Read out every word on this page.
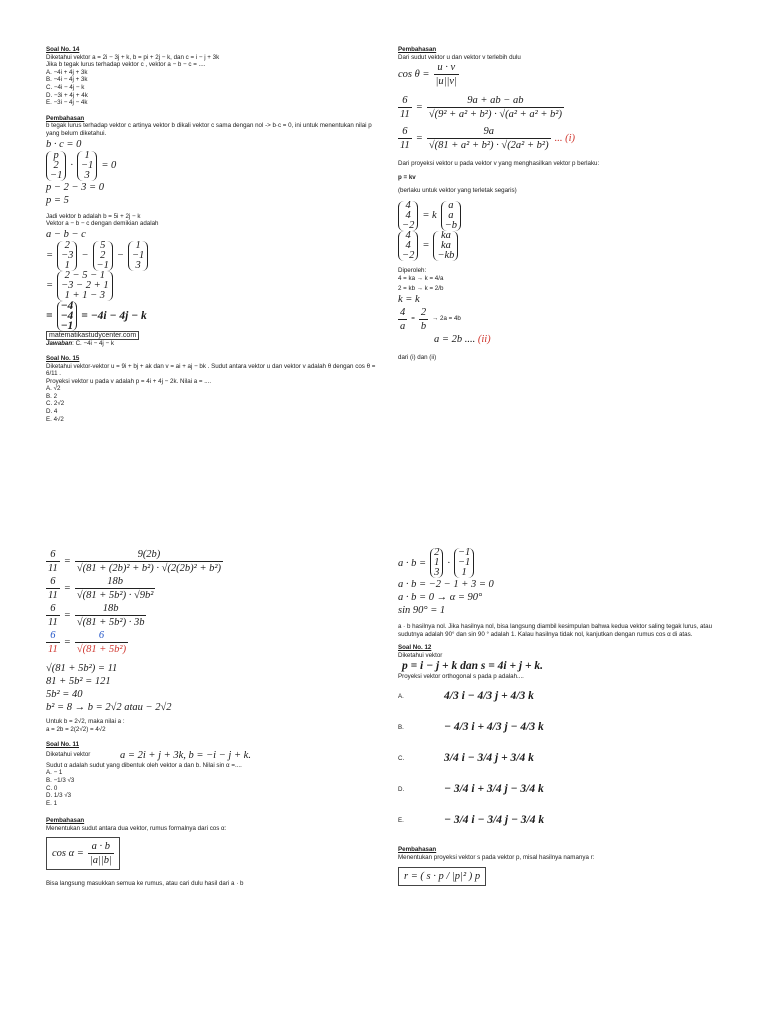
Soal No. 14

Diketahui vektor a = 2i − 3j + k, b = pi + 2j − k, dan c = i − j + 3k

Jika b tegak lurus terhadap vektor c , vektor a − b − c = ....

A. −4i + 4j + 3k

B. −4i − 4j + 3k

C. −4i − 4j − k

D. −3i + 4j + 4k

E. −3i − 4j − 4k

Pembahasan

b tegak lurus terhadap vektor c artinya vektor b dikali vektor c sama dengan nol -> b·c = 0, ini untuk menentukan nilai p

yang belum diketahui.

b · c = 0

p
2
−1
·
1
−1
3
= 0

p − 2 − 3 = 0

p = 5

Jadi vektor b adalah b = 5i + 2j − k

Vektor a − b − c dengan demikian adalah

a − b − c

=
2
−3
1
−
5
2
−1
−
1
−1
3
=
2 − 5 − 1
−3 − 2 + 1
1 + 1 − 3
=
−4
−4
−1
= −4i − 4j − k

matematikastudycenter.com

Jawaban: C. −4i − 4j − k

Soal No. 15

Diketahui vektor-vektor u = 9i + bj + ak dan v = ai + aj − bk . Sudut antara vektor u dan vektor v adalah θ dengan cos θ = 6/11 .

Proyeksi vektor u pada v adalah p = 4i + 4j − 2k. Nilai a = ....

A. √2

B. 2

C. 2√2

D. 4

E. 4√2

Pembahasan

Dari sudut vektor u dan vektor v terlebih dulu

$\cos \theta = \frac{u \cdot v}{|u||v|}$
$\frac{6}{11} = \frac{9a + ab - ab}{\text{√(9² + a² + b²) · √(a² + a² + b²)}}$
$\frac{6}{11} = \frac{9a}{\text{√(81 + a² + b²) · √(2a² + b²)}}$ ... (i)

Dari proyeksi vektor u pada vektor v yang menghasilkan vektor p berlaku:

p = kv

(berlaku untuk vektor yang terletak segaris)

4
4
−2
= k
a
a
−b
4
4
−2
=
ka
ka
−kb

Diperoleh:

4 = ka → k = 4/a

2 = kb → k = 2/b

k = k

$\frac{4}{a} = \frac{2}{b} \to 2a = 4b$

a = 2b .... (ii)

dari (i) dan (ii)

$\frac{6}{11} = \frac{9(2b)}{\text{√(81 + (2b)² + b²) · √(2(2b)² + b²)}}$
$\frac{6}{11} = \frac{18b}{\text{√(81 + 5b²) · √9b²}}$
$\frac{6}{11} = \frac{18b}{\text{√(81 + 5b²) · 3b}}$
$\frac{6}{11} = \frac{6}{\text{√(81 + 5b²)}}$

√(81 + 5b²) = 11

81 + 5b² = 121

5b² = 40

b² = 8 → b = 2√2 atau − 2√2

Untuk b = 2√2, maka nilai a :

a = 2b = 2(2√2) = 4√2

Soal No. 11

Diketahui vektor	a = 2i + j + 3k, b = −i − j + k.

Sudut α adalah sudut yang dibentuk oleh vektor a dan b. Nilai sin α =....

A. − 1

B. −1/3 √3

C. 0

D. 1/3 √3

E. 1

Pembahasan

Menentukan sudut antara dua vektor, rumus formalnya dari cos α:

$\cos \alpha = \frac{a \cdot b}{|a||b|}$

Bisa langsung masukkan semua ke rumus, atau cari dulu hasil dari a · b

a · b =
2
1
3
·
−1
−1
1

a · b = −2 − 1 + 3 = 0

a · b = 0 → α = 90°

sin 90° = 1

a · b hasilnya nol. Jika hasilnya nol, bisa langsung diambil kesimpulan bahwa kedua vektor saling tegak lurus, atau sudutnya adalah 90° dan sin 90 ° adalah 1. Kalau hasilnya tidak nol, kanjutkan dengan rumus cos α di atas.

Soal No. 12

Diketahui vektor

p = i − j + k dan s = 4i + j + k.

Proyeksi vektor orthogonal s pada p adalah....

A.	4/3 i − 4/3 j + 4/3 k
B.	− 4/3 i + 4/3 j − 4/3 k
C.	3/4 i − 3/4 j + 3/4 k
D.	− 3/4 i + 3/4 j − 3/4 k
E.	− 3/4 i − 3/4 j − 3/4 k

Pembahasan

Menentukan proyeksi vektor s pada vektor p, misal hasilnya namanya r:

r = ( s · p / |p|² ) p
